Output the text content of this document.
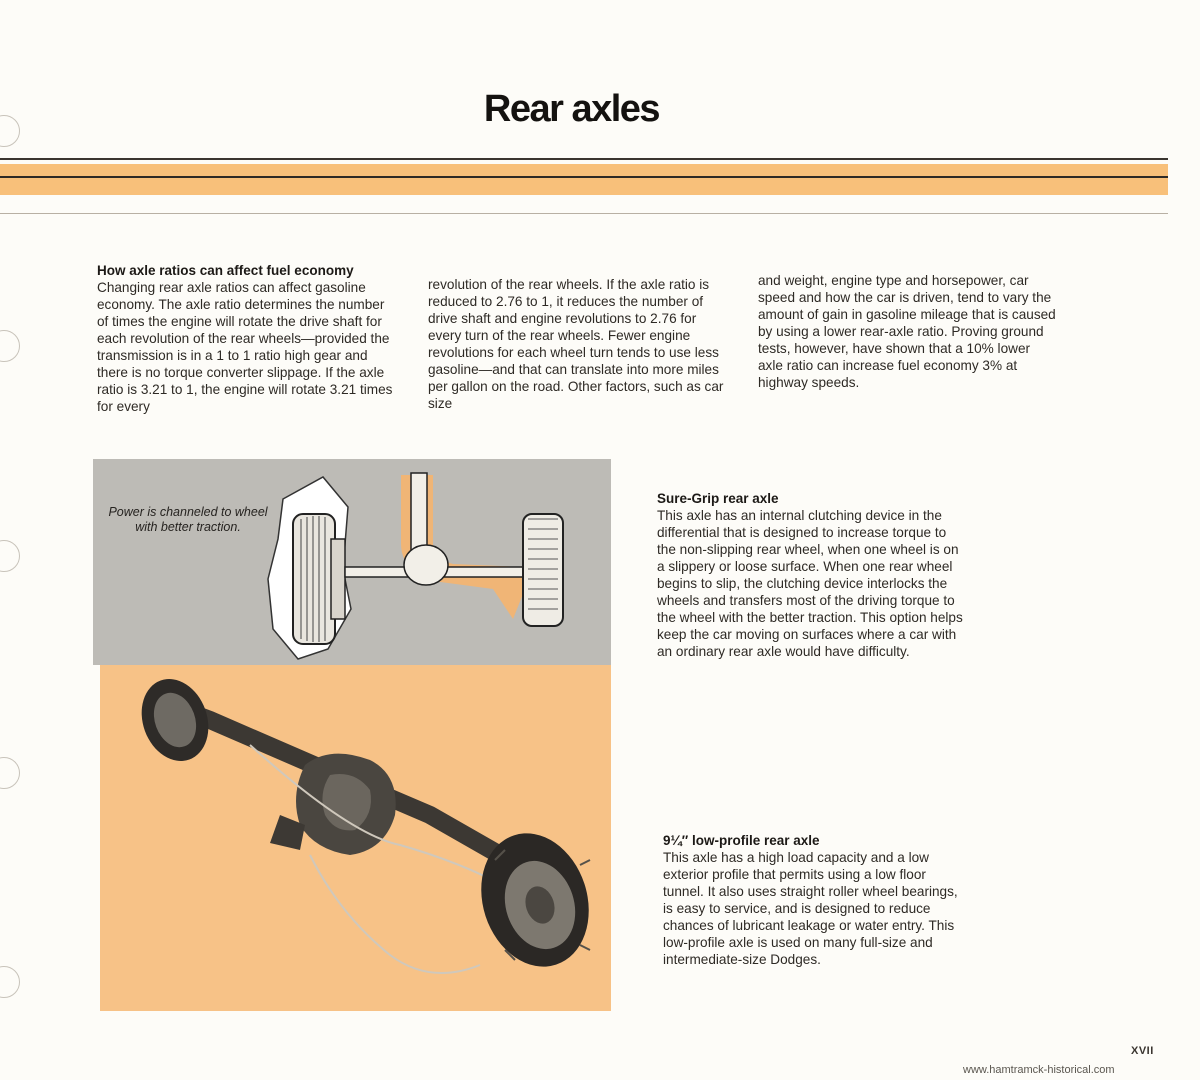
Rear axles

How axle ratios can affect fuel economy

Changing rear axle ratios can affect gasoline economy. The axle ratio determines the number of times the engine will rotate the drive shaft for each revolution of the rear wheels—provided the transmission is in a 1 to 1 ratio high gear and there is no torque converter slippage. If the axle ratio is 3.21 to 1, the engine will rotate 3.21 times for every

revolution of the rear wheels. If the axle ratio is reduced to 2.76 to 1, it reduces the number of drive shaft and engine revolutions to 2.76 for every turn of the rear wheels. Fewer engine revolutions for each wheel turn tends to use less gasoline—and that can translate into more miles per gallon on the road. Other factors, such as car size

and weight, engine type and horsepower, car speed and how the car is driven, tend to vary the amount of gain in gasoline mileage that is caused by using a lower rear-axle ratio. Proving ground tests, however, have shown that a 10% lower axle ratio can increase fuel economy 3% at highway speeds.

Power is channeled to wheel with better traction.

Sure-Grip rear axle

This axle has an internal clutching device in the differential that is designed to increase torque to the non-slipping rear wheel, when one wheel is on a slippery or loose surface. When one rear wheel begins to slip, the clutching device interlocks the wheels and transfers most of the driving torque to the wheel with the better traction. This option helps keep the car moving on surfaces where a car with an ordinary rear axle would have difficulty.

9¼″ low-profile rear axle

This axle has a high load capacity and a low exterior profile that permits using a low floor tunnel. It also uses straight roller wheel bearings, is easy to service, and is designed to reduce chances of lubricant leakage or water entry. This low-profile axle is used on many full-size and intermediate-size Dodges.

XVII
www.hamtramck-historical.com
